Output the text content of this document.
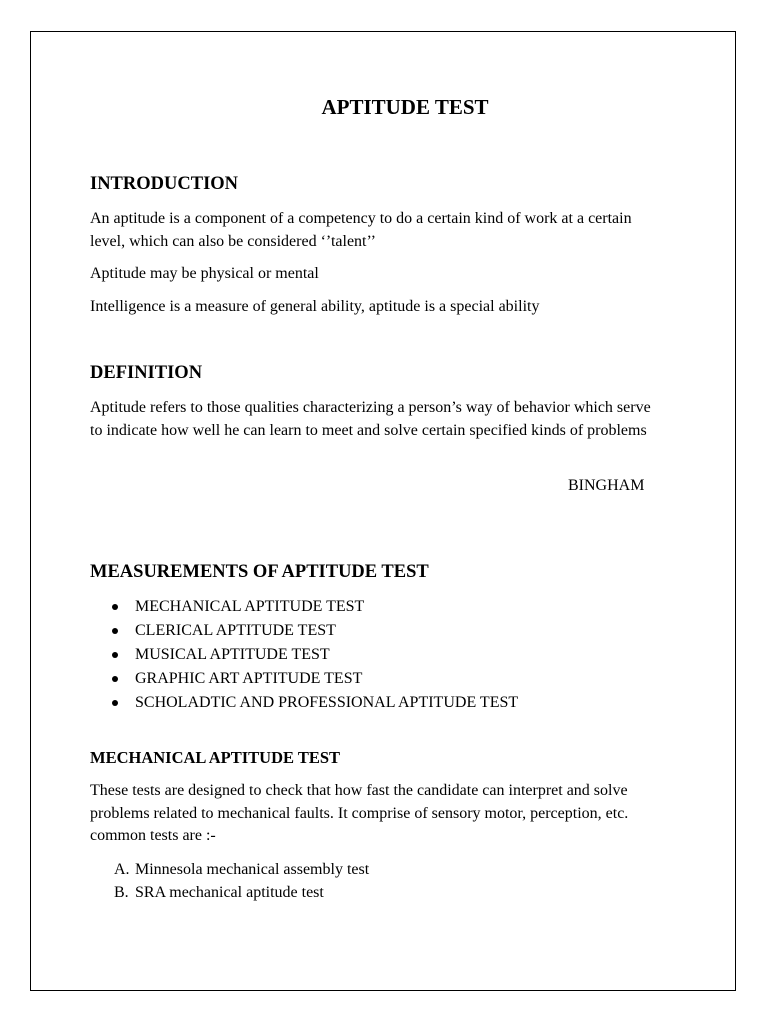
APTITUDE TEST
INTRODUCTION

An aptitude is a component of a competency to do a certain kind of work at a certain level, which can also be considered ‘’talent’’

Aptitude may be physical or mental

Intelligence is a measure of general ability, aptitude is a special ability

DEFINITION

Aptitude refers to those qualities characterizing a person’s way of behavior which serve to indicate how well he can learn to meet and solve certain specified kinds of problems

BINGHAM

MEASUREMENTS OF APTITUDE TEST
MECHANICAL APTITUDE TEST
CLERICAL APTITUDE TEST
MUSICAL APTITUDE TEST
GRAPHIC ART APTITUDE TEST
SCHOLADTIC AND PROFESSIONAL APTITUDE TEST
MECHANICAL APTITUDE TEST

These tests are designed to check that how fast the candidate can interpret and solve problems related to mechanical faults. It comprise of sensory motor, perception, etc. common tests are :-

A. Minnesola mechanical assembly test
B. SRA mechanical aptitude test
